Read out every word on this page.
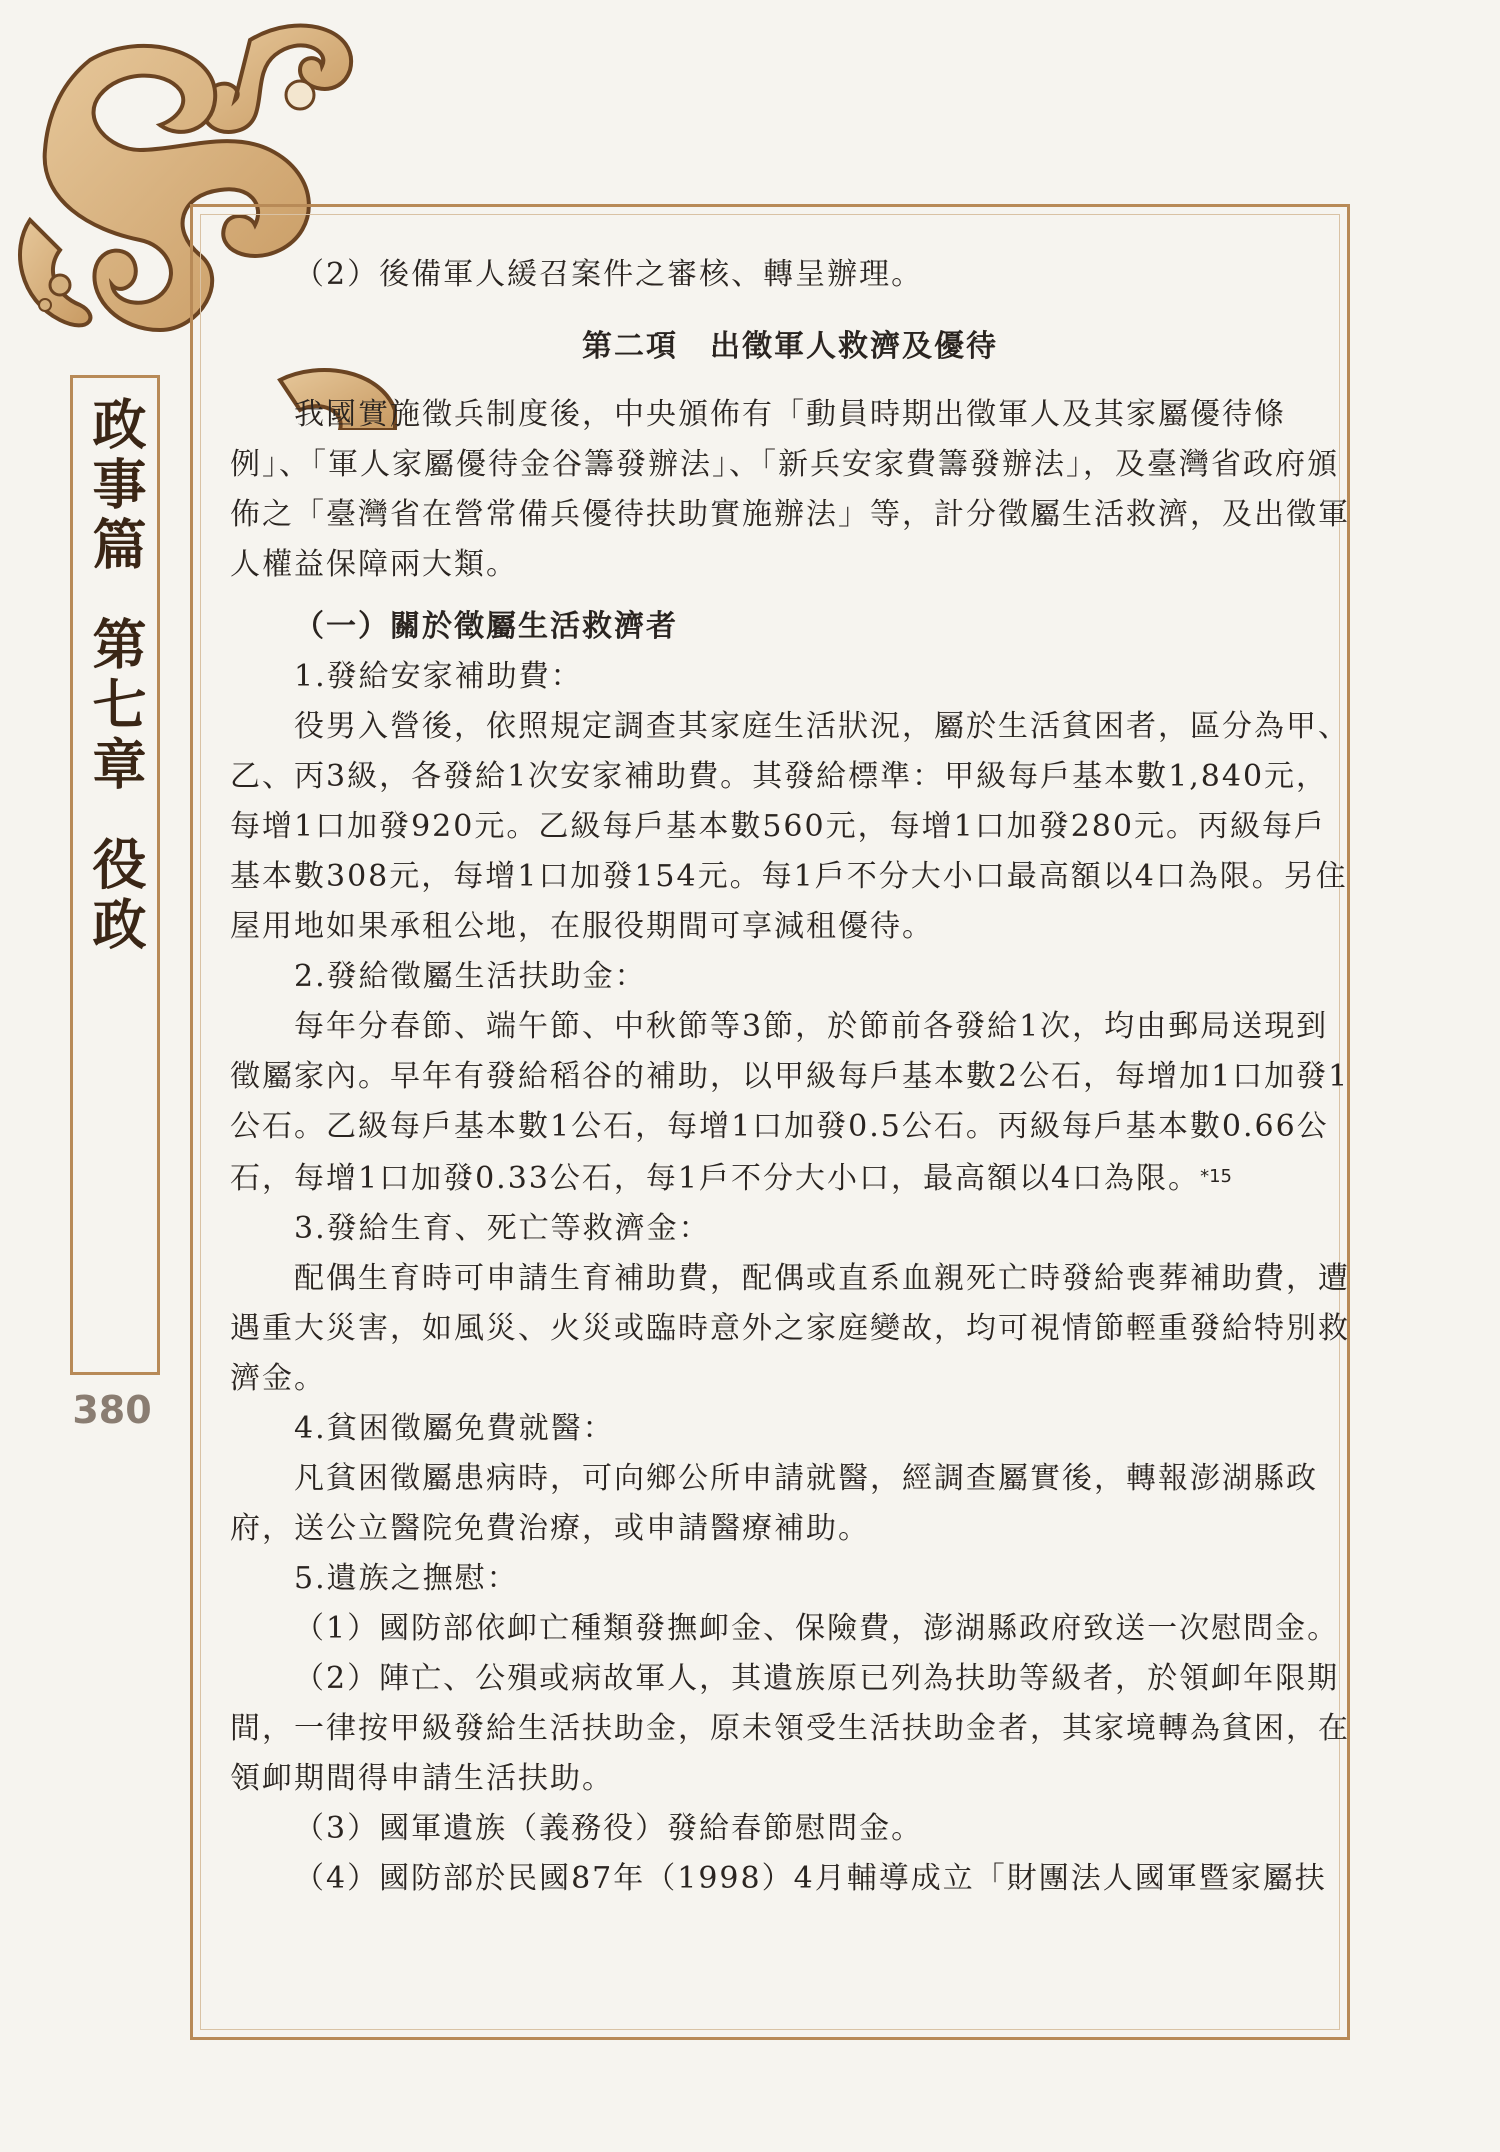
政事篇第七章役政
380

（2）後備軍人緩召案件之審核、轉呈辦理。

第二項　出徵軍人救濟及優待

我國實施徵兵制度後，中央頒佈有「動員時期出徵軍人及其家屬優待條例」、「軍人家屬優待金谷籌發辦法」、「新兵安家費籌發辦法」，及臺灣省政府頒佈之「臺灣省在營常備兵優待扶助實施辦法」等，計分徵屬生活救濟，及出徵軍人權益保障兩大類。

（一）關於徵屬生活救濟者

1.發給安家補助費：

役男入營後，依照規定調查其家庭生活狀況，屬於生活貧困者，區分為甲、乙、丙3級，各發給1次安家補助費。其發給標準：甲級每戶基本數1,840元，每增1口加發920元。乙級每戶基本數560元，每增1口加發280元。丙級每戶基本數308元，每增1口加發154元。每1戶不分大小口最高額以4口為限。另住屋用地如果承租公地，在服役期間可享減租優待。

2.發給徵屬生活扶助金：

每年分春節、端午節、中秋節等3節，於節前各發給1次，均由郵局送現到徵屬家內。早年有發給稻谷的補助，以甲級每戶基本數2公石，每增加1口加發1公石。乙級每戶基本數1公石，每增1口加發0.5公石。丙級每戶基本數0.66公石，每增1口加發0.33公石，每1戶不分大小口，最高額以4口為限。$^{*15}$

3.發給生育、死亡等救濟金：

配偶生育時可申請生育補助費，配偶或直系血親死亡時發給喪葬補助費，遭遇重大災害，如風災、火災或臨時意外之家庭變故，均可視情節輕重發給特別救濟金。

4.貧困徵屬免費就醫：

凡貧困徵屬患病時，可向鄉公所申請就醫，經調查屬實後，轉報澎湖縣政府，送公立醫院免費治療，或申請醫療補助。

5.遺族之撫慰：

（1）國防部依卹亡種類發撫卹金、保險費，澎湖縣政府致送一次慰問金。

（2）陣亡、公殞或病故軍人，其遺族原已列為扶助等級者，於領卹年限期間，一律按甲級發給生活扶助金，原未領受生活扶助金者，其家境轉為貧困，在領卹期間得申請生活扶助。

（3）國軍遺族（義務役）發給春節慰問金。

（4）國防部於民國87年（1998）4月輔導成立「財團法人國軍暨家屬扶
